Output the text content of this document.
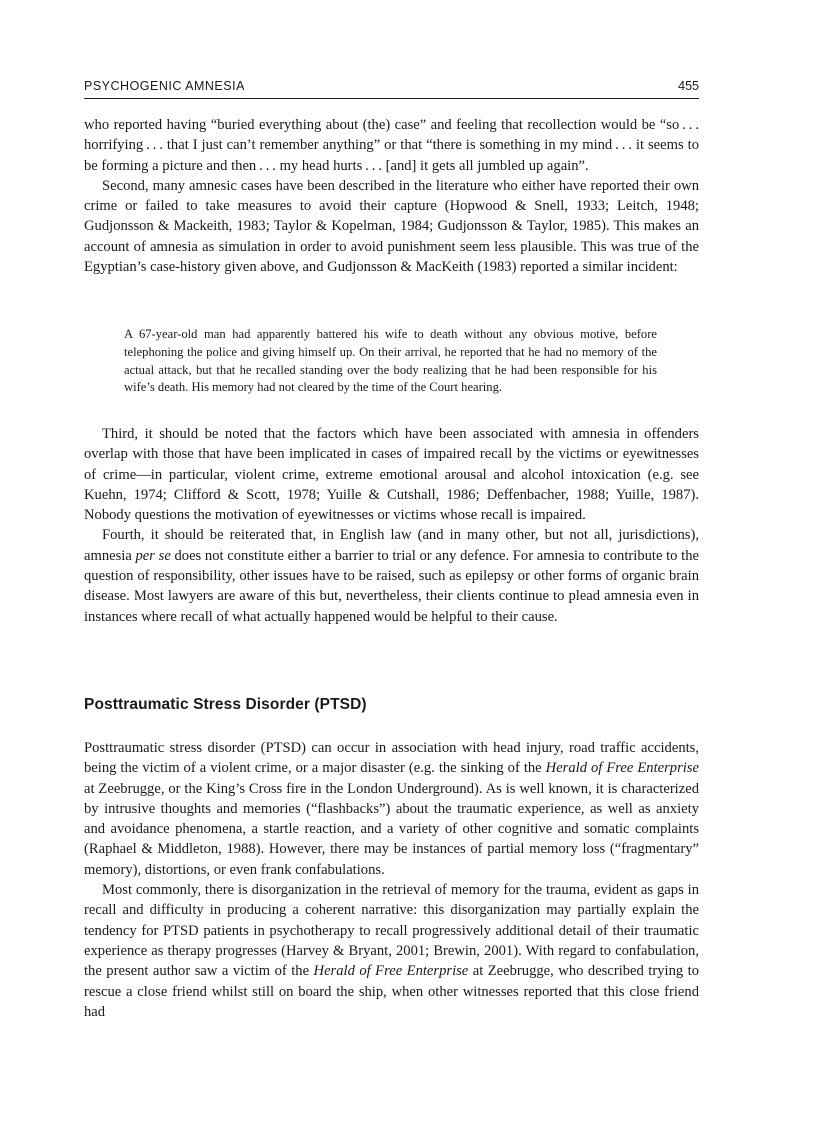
PSYCHOGENIC AMNESIA	455

who reported having “buried everything about (the) case” and feeling that recollection would be “so . . . horrifying . . . that I just can’t remember anything” or that “there is something in my mind . . . it seems to be forming a picture and then . . . my head hurts . . . [and] it gets all jumbled up again”.

Second, many amnesic cases have been described in the literature who either have reported their own crime or failed to take measures to avoid their capture (Hopwood & Snell, 1933; Leitch, 1948; Gudjonsson & Mackeith, 1983; Taylor & Kopelman, 1984; Gudjonsson & Taylor, 1985). This makes an account of amnesia as simulation in order to avoid punishment seem less plausible. This was true of the Egyptian’s case-history given above, and Gudjonsson & MacKeith (1983) reported a similar incident:

A 67-year-old man had apparently battered his wife to death without any obvious motive, before telephoning the police and giving himself up. On their arrival, he reported that he had no memory of the actual attack, but that he recalled standing over the body realizing that he had been responsible for his wife’s death. His memory had not cleared by the time of the Court hearing.

Third, it should be noted that the factors which have been associated with amnesia in offenders overlap with those that have been implicated in cases of impaired recall by the victims or eyewitnesses of crime—in particular, violent crime, extreme emotional arousal and alcohol intoxication (e.g. see Kuehn, 1974; Clifford & Scott, 1978; Yuille & Cutshall, 1986; Deffenbacher, 1988; Yuille, 1987). Nobody questions the motivation of eyewitnesses or victims whose recall is impaired.

Fourth, it should be reiterated that, in English law (and in many other, but not all, jurisdictions), amnesia per se does not constitute either a barrier to trial or any defence. For amnesia to contribute to the question of responsibility, other issues have to be raised, such as epilepsy or other forms of organic brain disease. Most lawyers are aware of this but, nevertheless, their clients continue to plead amnesia even in instances where recall of what actually happened would be helpful to their cause.

Posttraumatic Stress Disorder (PTSD)

Posttraumatic stress disorder (PTSD) can occur in association with head injury, road traffic accidents, being the victim of a violent crime, or a major disaster (e.g. the sinking of the Herald of Free Enterprise at Zeebrugge, or the King’s Cross fire in the London Underground). As is well known, it is characterized by intrusive thoughts and memories (“flashbacks”) about the traumatic experience, as well as anxiety and avoidance phenomena, a startle reaction, and a variety of other cognitive and somatic complaints (Raphael & Middleton, 1988). However, there may be instances of partial memory loss (“fragmentary” memory), distortions, or even frank confabulations.

Most commonly, there is disorganization in the retrieval of memory for the trauma, evident as gaps in recall and difficulty in producing a coherent narrative: this disorganization may partially explain the tendency for PTSD patients in psychotherapy to recall progressively additional detail of their traumatic experience as therapy progresses (Harvey & Bryant, 2001; Brewin, 2001). With regard to confabulation, the present author saw a victim of the Herald of Free Enterprise at Zeebrugge, who described trying to rescue a close friend whilst still on board the ship, when other witnesses reported that this close friend had
